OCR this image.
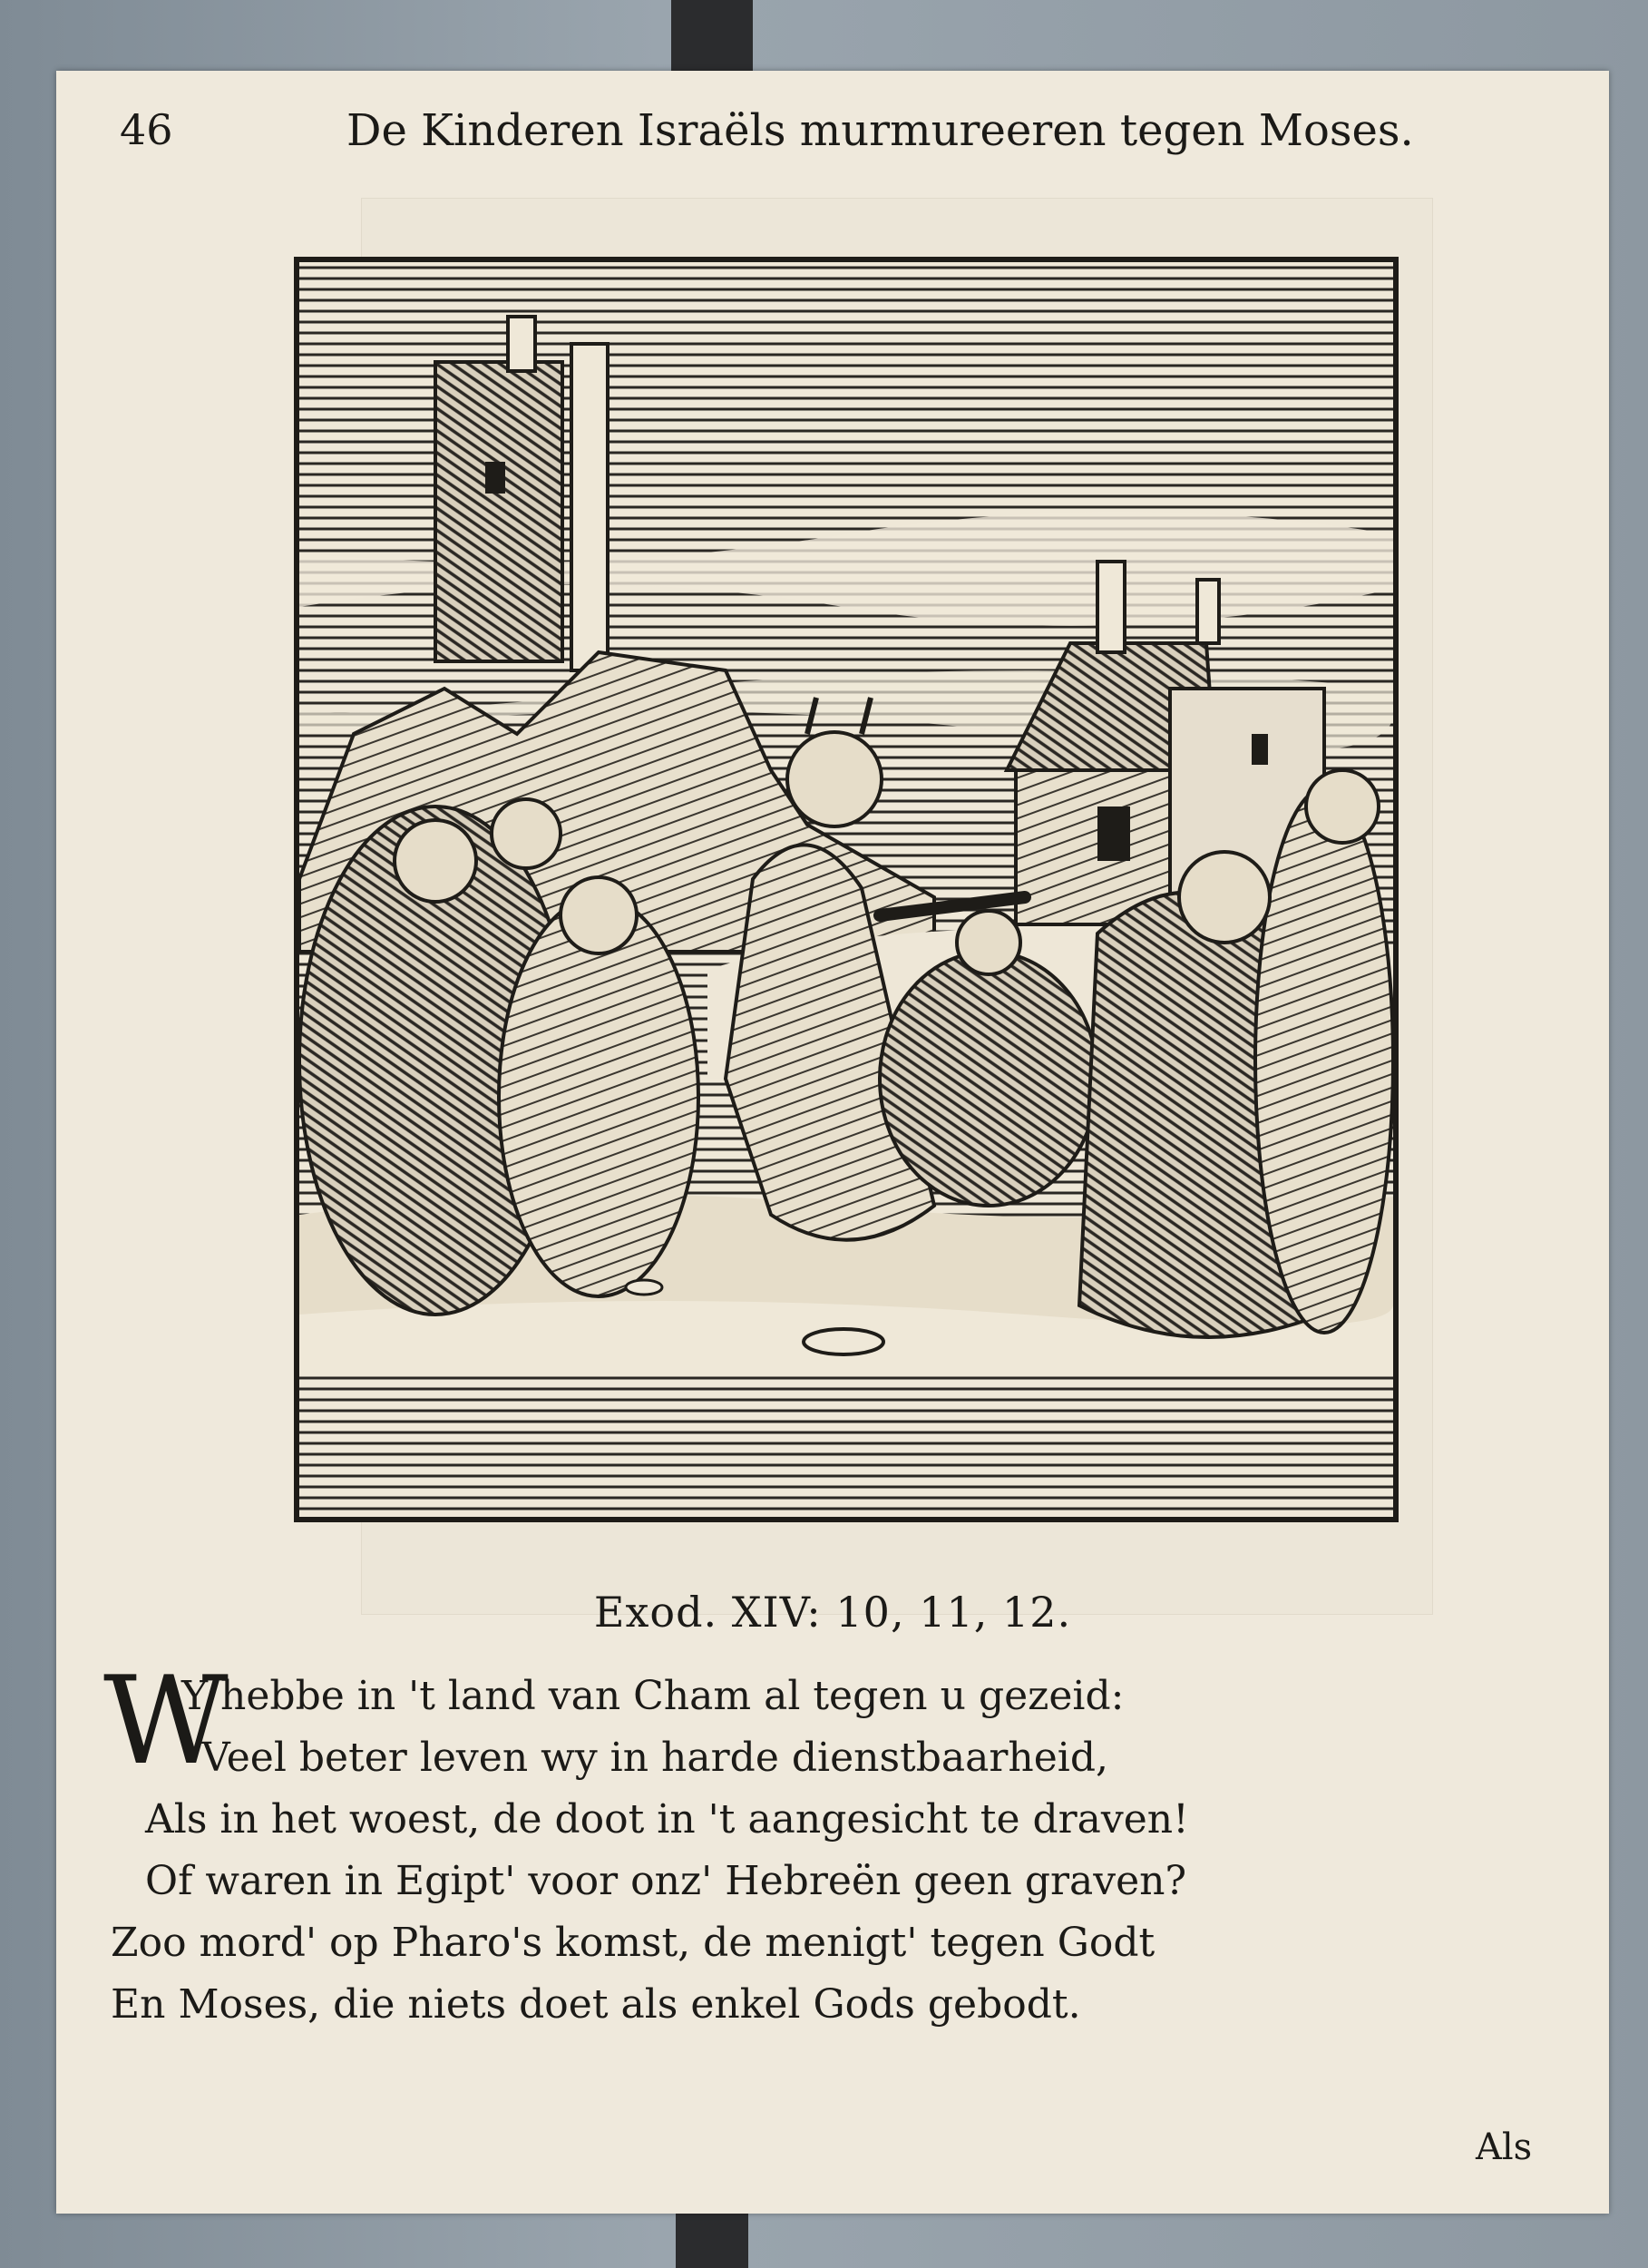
46	De Kinderen Israëls murmureeren tegen Moses.
Exod. XIV: 10, 11, 12.
W
Y hebbe in 't land van Cham al tegen u gezeid:
Veel beter leven wy in harde dienstbaarheid,
Als in het woest, de doot in 't aangesicht te draven!
Of waren in Egipt' voor onz' Hebreën geen graven?
Zoo mord' op Pharo's komst, de menigt' tegen Godt
En Moses, die niets doet als enkel Gods gebodt.
Als
